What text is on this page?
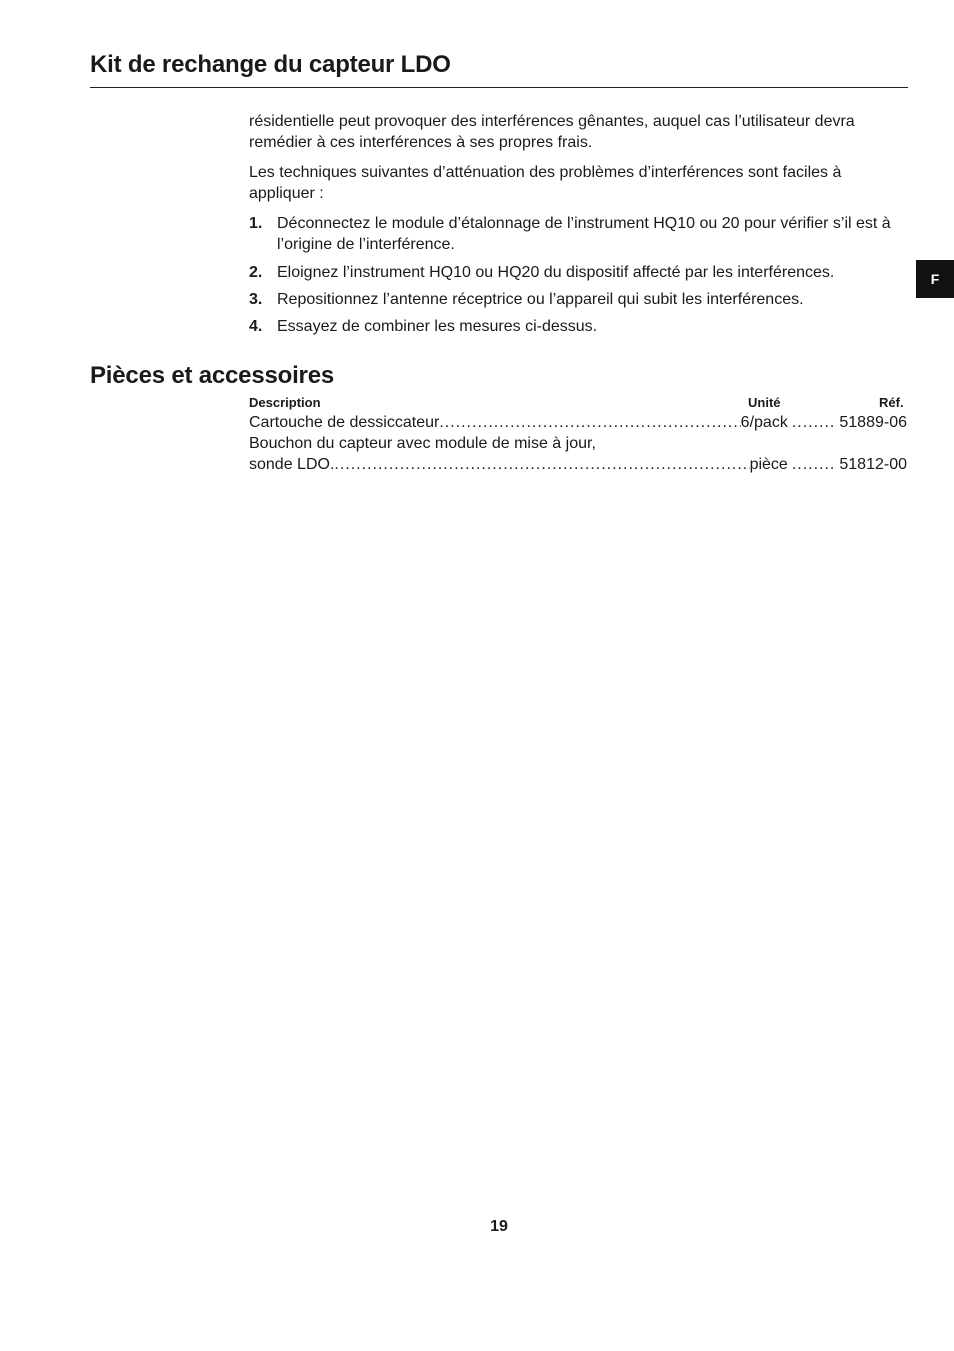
Kit de rechange du capteur LDO

résidentielle peut provoquer des interférences gênantes, auquel cas l’utilisateur devra remédier à ces interférences à ses propres frais.

Les techniques suivantes d’atténuation des problèmes d’interférences sont faciles à appliquer :

1. Déconnectez le module d’étalonnage de l’instrument HQ10 ou 20 pour vérifier s’il est à l’origine de l’interférence.
2. Eloignez l’instrument HQ10 ou HQ20 du dispositif affecté par les interférences.
3. Repositionnez l’antenne réceptrice ou l’appareil qui subit les interférences.
4. Essayez de combiner les mesures ci-dessus.
Pièces et accessoires
Description	Unité	Réf.
Cartouche de dessiccateur .....	6/pack ........	51889-06
Bouchon du capteur avec module de mise à jour,
sonde LDO. .....	pièce ........	51812-00
F
19
